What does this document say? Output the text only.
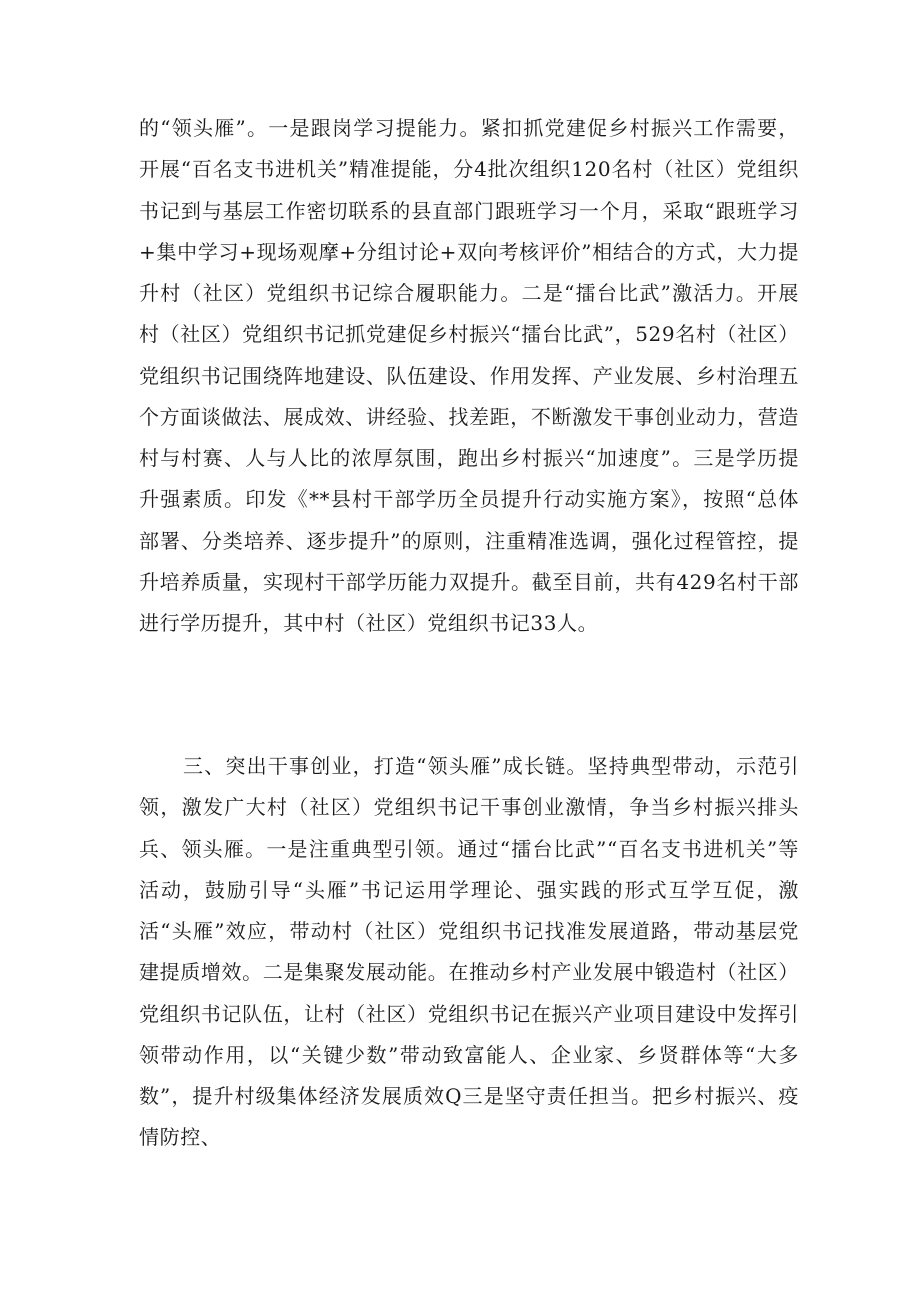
的“领头雁”。一是跟岗学习提能力。紧扣抓党建促乡村振兴工作需要，开展“百名支书进机关”精准提能，分4批次组织120名村（社区）党组织书记到与基层工作密切联系的县直部门跟班学习一个月，采取“跟班学习+集中学习+现场观摩+分组讨论+双向考核评价”相结合的方式，大力提升村（社区）党组织书记综合履职能力。二是“擂台比武”激活力。开展村（社区）党组织书记抓党建促乡村振兴“擂台比武”，529名村（社区）党组织书记围绕阵地建设、队伍建设、作用发挥、产业发展、乡村治理五个方面谈做法、展成效、讲经验、找差距，不断激发干事创业动力，营造村与村赛、人与人比的浓厚氛围，跑出乡村振兴“加速度”。三是学历提升强素质。印发《**县村干部学历全员提升行动实施方案》，按照“总体部署、分类培养、逐步提升”的原则，注重精准选调，强化过程管控，提升培养质量，实现村干部学历能力双提升。截至目前，共有429名村干部进行学历提升，其中村（社区）党组织书记33人。

三、突出干事创业，打造“领头雁”成长链。坚持典型带动，示范引领，激发广大村（社区）党组织书记干事创业激情，争当乡村振兴排头兵、领头雁。一是注重典型引领。通过“擂台比武”“百名支书进机关”等活动，鼓励引导“头雁”书记运用学理论、强实践的形式互学互促，激活“头雁”效应，带动村（社区）党组织书记找准发展道路，带动基层党建提质增效。二是集聚发展动能。在推动乡村产业发展中锻造村（社区）党组织书记队伍，让村（社区）党组织书记在振兴产业项目建设中发挥引领带动作用，以“关键少数”带动致富能人、企业家、乡贤群体等“大多数”，提升村级集体经济发展质效Q三是坚守责任担当。把乡村振兴、疫情防控、
